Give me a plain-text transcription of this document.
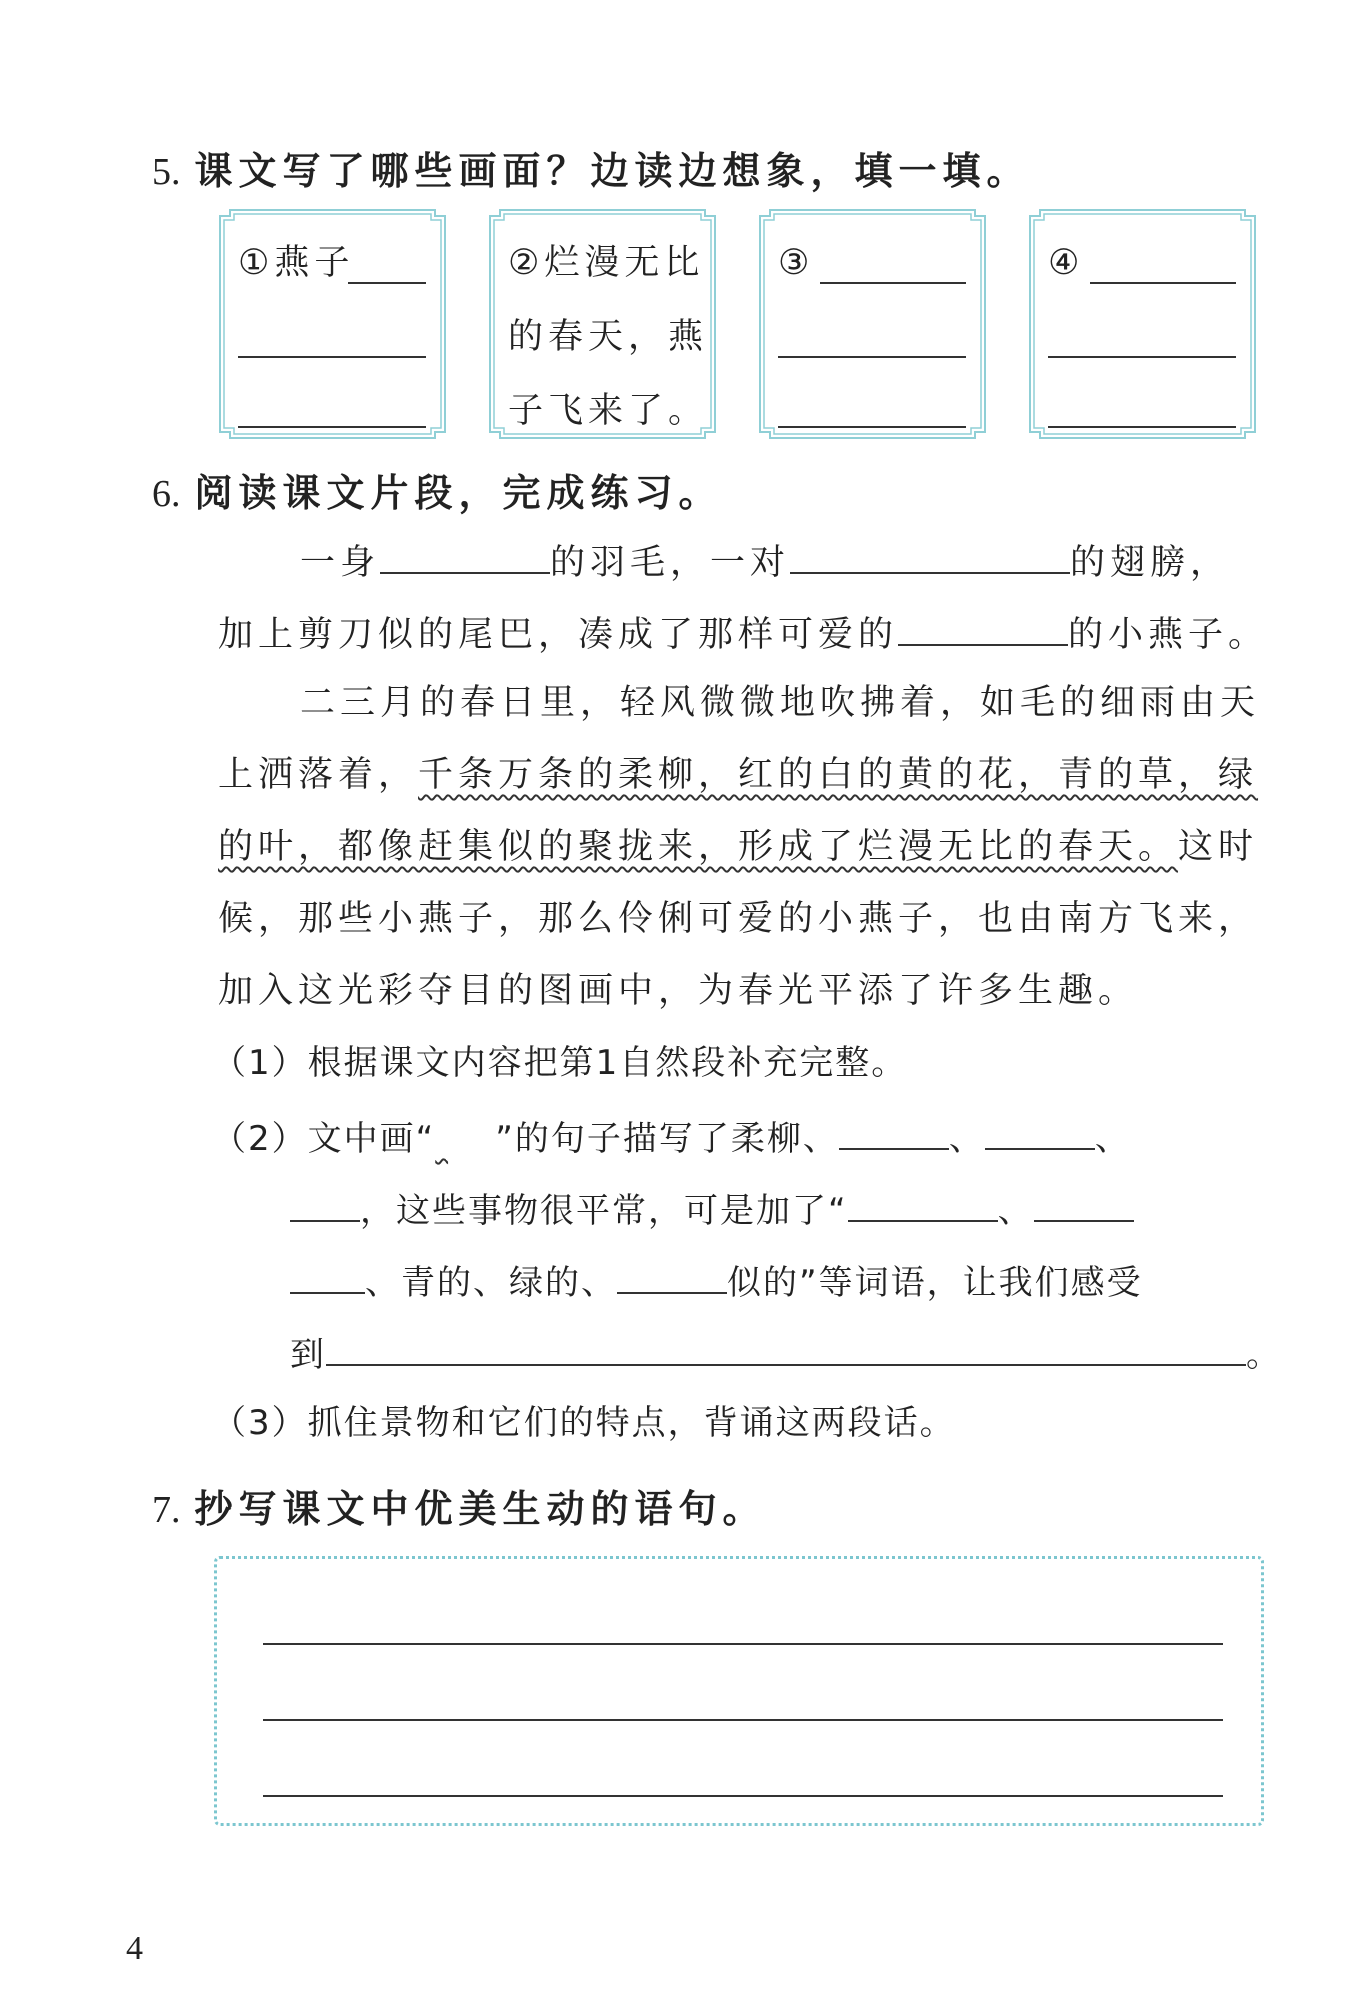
5. 课文写了哪些画面？边读边想象，填一填。
①燕子	②烂漫无比
的春天，燕
子飞来了。
③	④
6. 阅读课文片段，完成练习。
一身	的羽毛，一对	的翅膀，
加上剪刀似的尾巴，凑成了那样可爱的	的小燕子。
二三月的春日里，轻风微微地吹拂着，如毛的细雨由天
上洒落着，千条万条的柔柳，红的白的黄的花，青的草，绿
的叶，都像赶集似的聚拢来，形成了烂漫无比的春天。这时
候，那些小燕子，那么伶俐可爱的小燕子，也由南方飞来，
加入这光彩夺目的图画中，为春光平添了许多生趣。
（1）根据课文内容把第1自然段补充完整。
（2）文中画“ ”的句子描写了柔柳、	、	、
，这些事物很平常，可是加了“	、
、青的、绿的、	似的”等词语，让我们感受
到	。
（3）抓住景物和它们的特点，背诵这两段话。
7. 抄写课文中优美生动的语句。
4
